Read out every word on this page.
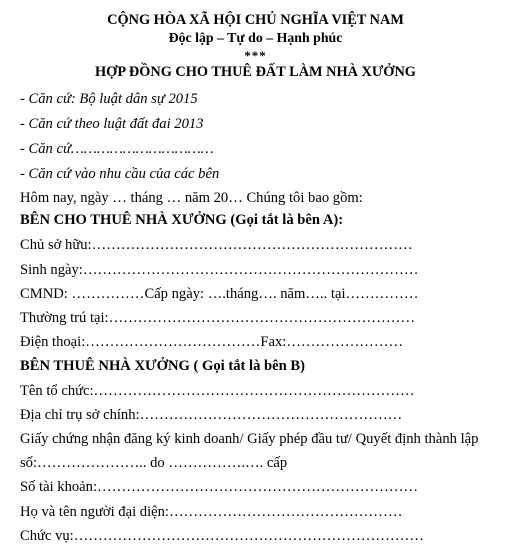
CỘNG HÒA XÃ HỘI CHỦ NGHĨA VIỆT NAM
Độc lập – Tự do – Hạnh phúc
***
HỢP ĐỒNG CHO THUÊ ĐẤT LÀM NHÀ XƯỞNG
- Căn cứ: Bộ luật dân sự 2015
- Căn cứ theo luật đất đai 2013
- Căn cứ……………………………
- Căn cứ vào nhu cầu của các bên
Hôm nay, ngày … tháng … năm 20… Chúng tôi bao gồm:
BÊN CHO THUÊ NHÀ XƯỞNG (Gọi tắt là bên A):
Chủ sở hữu:…………………………………………………………
Sinh ngày:……………………………………………………………
CMND: ……………Cấp ngày: ….tháng…. năm….. tại……………
Thường trú tại:………………………………………………………
Điện thoại:………………………………Fax:……………………
BÊN THUÊ NHÀ XƯỞNG ( Gọi tắt là bên B)
Tên tổ chức:…………………………………………………………
Địa chỉ trụ sở chính:………………………………………………
Giấy chứng nhận đăng ký kinh doanh/ Giấy phép đầu tư/ Quyết định thành lập
số:………………….. do …………….…. cấp
Số tài khoản:…………………………………………………………
Họ và tên người đại diện:…………………………………………
Chức vụ:………………………………………………………………
